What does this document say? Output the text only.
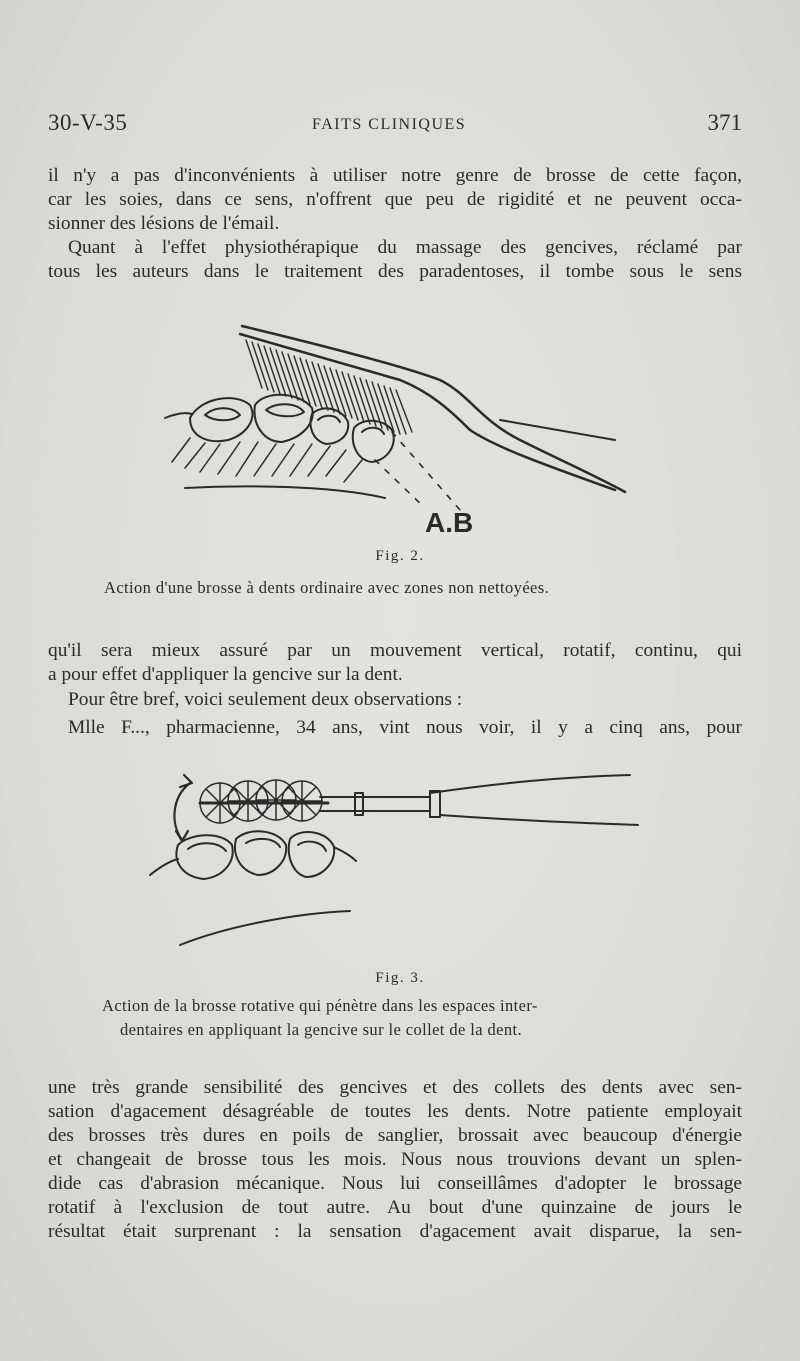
30-V-35	FAITS CLINIQUES	371
il n'y a pas d'inconvénients à utiliser notre genre de brosse de cette façon,
car les soies, dans ce sens, n'offrent que peu de rigidité et ne peuvent occa-
sionner des lésions de l'émail.
Quant à l'effet physiothérapique du massage des gencives, réclamé par
tous les auteurs dans le traitement des paradentoses, il tombe sous le sens
A.B
Fig. 2.
Action d'une brosse à dents ordinaire avec zones non nettoyées.
qu'il sera mieux assuré par un mouvement vertical, rotatif, continu, qui
a pour effet d'appliquer la gencive sur la dent.
Pour être bref, voici seulement deux observations :
Mlle F..., pharmacienne, 34 ans, vint nous voir, il y a cinq ans, pour
Fig. 3.
Action de la brosse rotative qui pénètre dans les espaces inter-
dentaires en appliquant la gencive sur le collet de la dent.
une très grande sensibilité des gencives et des collets des dents avec sen-
sation d'agacement désagréable de toutes les dents. Notre patiente employait
des brosses très dures en poils de sanglier, brossait avec beaucoup d'énergie
et changeait de brosse tous les mois. Nous nous trouvions devant un splen-
dide cas d'abrasion mécanique. Nous lui conseillâmes d'adopter le brossage
rotatif à l'exclusion de tout autre. Au bout d'une quinzaine de jours le
résultat était surprenant : la sensation d'agacement avait disparue, la sen-
